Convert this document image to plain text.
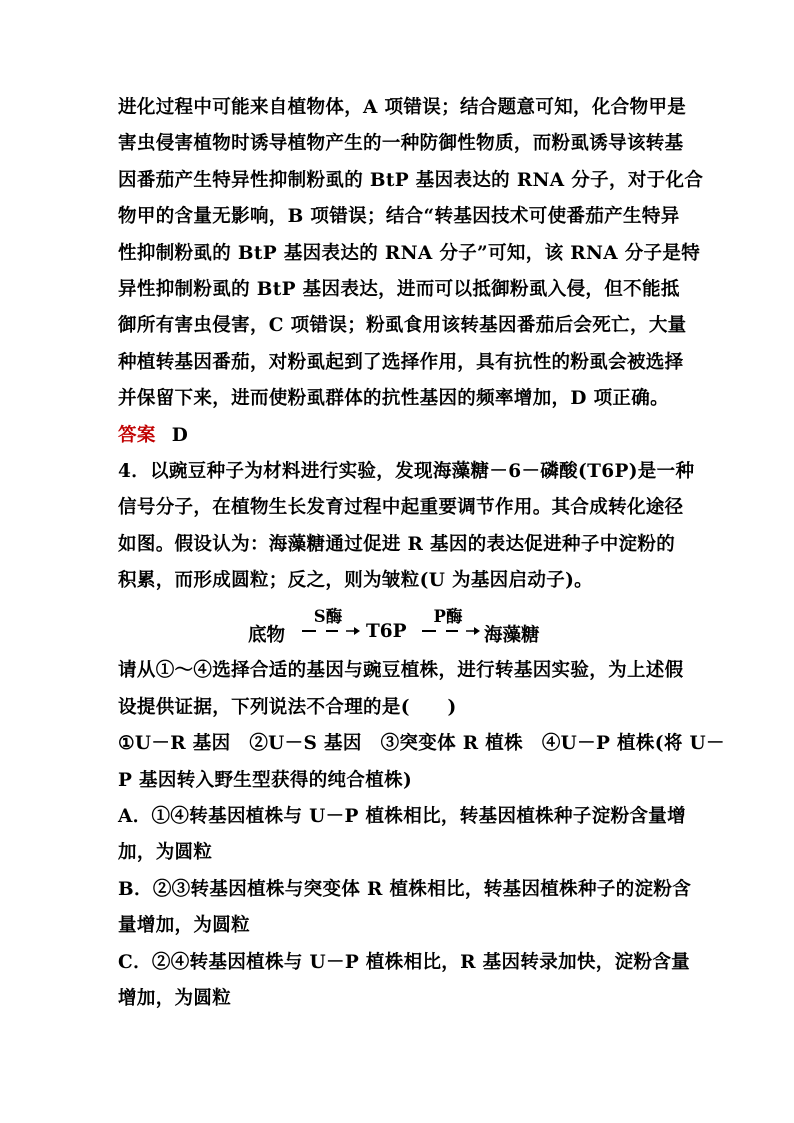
进化过程中可能来自植物体，A 项错误；结合题意可知，化合物甲是
害虫侵害植物时诱导植物产生的一种防御性物质，而粉虱诱导该转基
因番茄产生特异性抑制粉虱的 BtP 基因表达的 RNA 分子，对于化合
物甲的含量无影响，B 项错误；结合“转基因技术可使番茄产生特异
性抑制粉虱的 BtP 基因表达的 RNA 分子”可知，该 RNA 分子是特
异性抑制粉虱的 BtP 基因表达，进而可以抵御粉虱入侵，但不能抵
御所有害虫侵害，C 项错误；粉虱食用该转基因番茄后会死亡，大量
种植转基因番茄，对粉虱起到了选择作用，具有抗性的粉虱会被选择
并保留下来，进而使粉虱群体的抗性基因的频率增加，D 项正确。
答案 D
4．以豌豆种子为材料进行实验，发现海藻糖－6－磷酸(T6P)是一种
信号分子，在植物生长发育过程中起重要调节作用。其合成转化途径
如图。假设认为：海藻糖通过促进 R 基因的表达促进种子中淀粉的
积累，而形成圆粒；反之，则为皱粒(U 为基因启动子)。
底物
S酶
T6P
P酶
海藻糖
请从①～④选择合适的基因与豌豆植株，进行转基因实验，为上述假
设提供证据，下列说法不合理的是(　　)
①U－R 基因　②U－S 基因　③突变体 R 植株　④U－P 植株(将 U－
P 基因转入野生型获得的纯合植株)
A．①④转基因植株与 U－P 植株相比，转基因植株种子淀粉含量增
加，为圆粒
B．②③转基因植株与突变体 R 植株相比，转基因植株种子的淀粉含
量增加，为圆粒
C．②④转基因植株与 U－P 植株相比，R 基因转录加快，淀粉含量
增加，为圆粒
